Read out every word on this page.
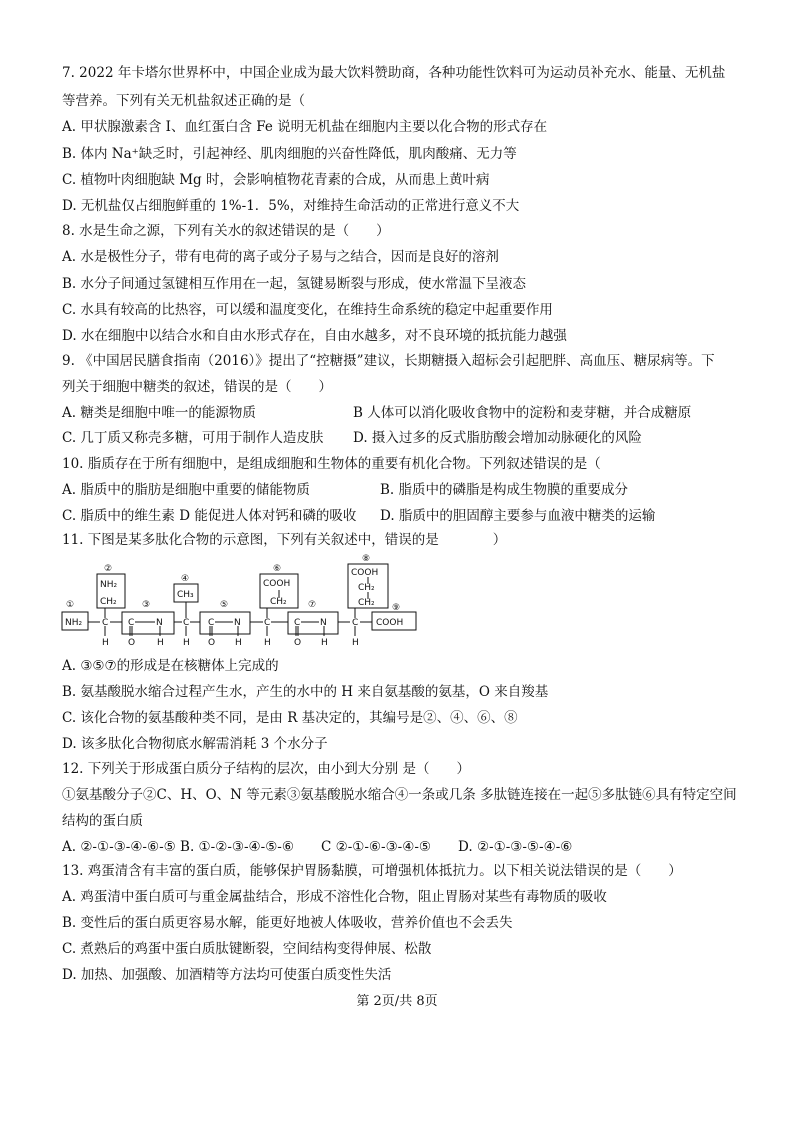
7. 2022 年卡塔尔世界杯中，中国企业成为最大饮料赞助商，各种功能性饮料可为运动员补充水、能量、无机盐
等营养。下列有关无机盐叙述正确的是（
A. 甲状腺激素含 I、血红蛋白含 Fe 说明无机盐在细胞内主要以化合物的形式存在
B. 体内 Na⁺缺乏时，引起神经、肌肉细胞的兴奋性降低，肌肉酸痛、无力等
C. 植物叶肉细胞缺 Mg 时，会影响植物花青素的合成，从而患上黄叶病
D. 无机盐仅占细胞鲜重的 1%-1．5%，对维持生命活动的正常进行意义不大
8. 水是生命之源，下列有关水的叙述错误的是（　　）
A. 水是极性分子，带有电荷的离子或分子易与之结合，因而是良好的溶剂
B. 水分子间通过氢键相互作用在一起，氢键易断裂与形成，使水常温下呈液态
C. 水具有较高的比热容，可以缓和温度变化，在维持生命系统的稳定中起重要作用
D. 水在细胞中以结合水和自由水形式存在，自由水越多，对不良环境的抵抗能力越强
9. 《中国居民膳食指南（2016）》提出了“控糖摄”建议，长期糖摄入超标会引起肥胖、高血压、糖尿病等。下
列关于细胞中糖类的叙述，错误的是（　　）
A. 糖类是细胞中唯一的能源物质	B 人体可以消化吸收食物中的淀粉和麦芽糖，并合成糖原
C. 几丁质又称壳多糖，可用于制作人造皮肤 D. 摄入过多的反式脂肪酸会增加动脉硬化的风险
10. 脂质存在于所有细胞中，是组成细胞和生物体的重要有机化合物。下列叙述错误的是（
A. 脂质中的脂肪是细胞中重要的储能物质	B. 脂质中的磷脂是构成生物膜的重要成分
C. 脂质中的维生素 D 能促进人体对钙和磷的吸收 D. 脂质中的胆固醇主要参与血液中糖类的运输
11. 下图是某多肽化合物的示意图，下列有关叙述中，错误的是　　　　）
①
②
③
④
⑤
⑥
⑦
⑧
⑨
NH₂
NH₂
CH₂
CH₃
COOH
CH₂
COOH
CH₂
CH₂
COOH
C
H
C
O
N
H
C
H
C
O
N
H
C
H
C
O
N
H
C
H
A. ③⑤⑦的形成是在核糖体上完成的
B. 氨基酸脱水缩合过程产生水，产生的水中的 H 来自氨基酸的氨基，O 来自羧基
C. 该化合物的氨基酸种类不同，是由 R 基决定的，其编号是②、④、⑥、⑧
D. 该多肽化合物彻底水解需消耗 3 个水分子
12. 下列关于形成蛋白质分子结构的层次，由小到大分别 是（　　）
①氨基酸分子②C、H、O、N 等元素③氨基酸脱水缩合④一条或几条 多肽链连接在一起⑤多肽链⑥具有特定空间
结构的蛋白质
A. ②-①-③-④-⑥-⑤ B. ①-②-③-④-⑤-⑥　　C ②-①-⑥-③-④-⑤　　D. ②-①-③-⑤-④-⑥
13. 鸡蛋清含有丰富的蛋白质，能够保护胃肠黏膜，可增强机体抵抗力。以下相关说法错误的是（　　）
A. 鸡蛋清中蛋白质可与重金属盐结合，形成不溶性化合物，阻止胃肠对某些有毒物质的吸收
B. 变性后的蛋白质更容易水解，能更好地被人体吸收，营养价值也不会丢失
C. 煮熟后的鸡蛋中蛋白质肽键断裂，空间结构变得伸展、松散
D. 加热、加强酸、加酒精等方法均可使蛋白质变性失活
第 2页/共 8页
